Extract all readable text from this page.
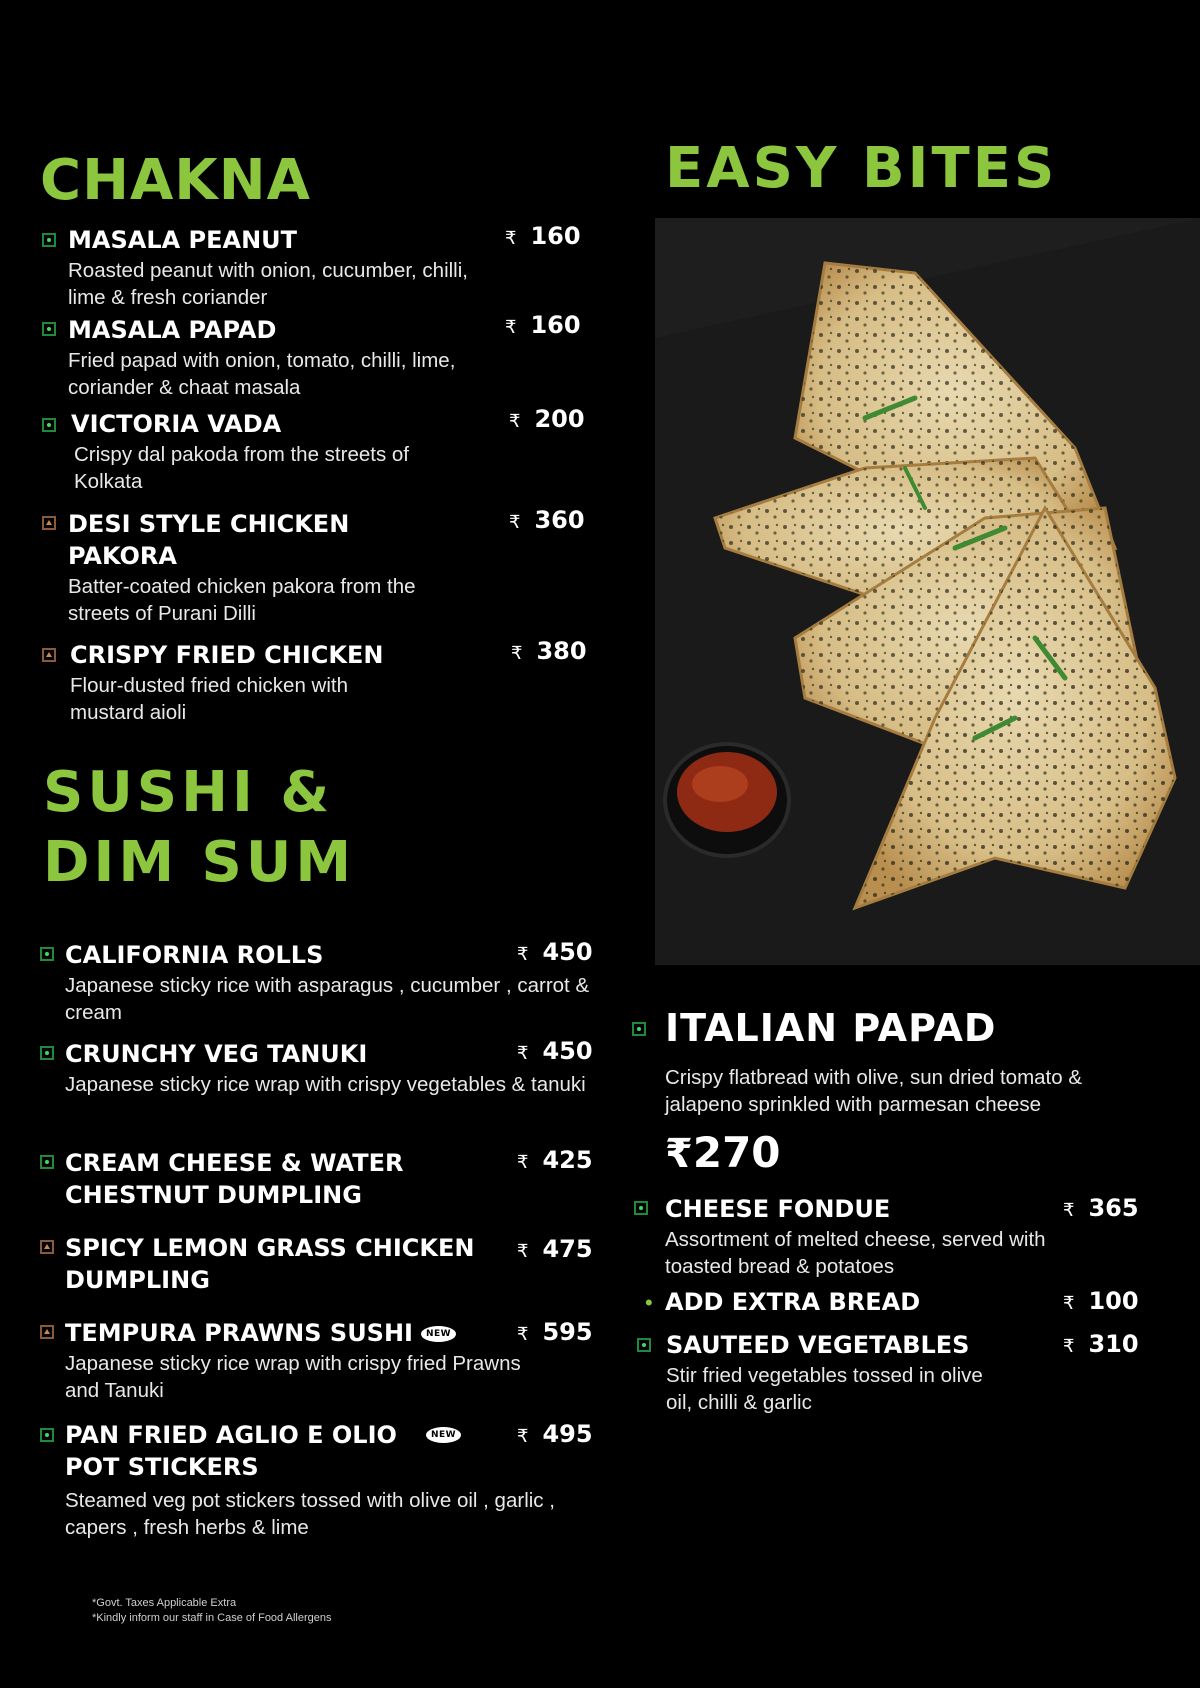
CHAKNA
MASALA PEANUT
Roasted peanut with onion, cucumber, chilli, lime & fresh coriander
₹ 160
MASALA PAPAD
Fried papad with onion, tomato, chilli, lime, coriander & chaat masala
₹ 160
VICTORIA VADA
Crispy dal pakoda from the streets of Kolkata
₹ 200
DESI STYLE CHICKEN PAKORA
Batter-coated chicken pakora from the streets of Purani Dilli
₹ 360
CRISPY FRIED CHICKEN
Flour-dusted fried chicken with mustard aioli
₹ 380
SUSHI &
DIM SUM
CALIFORNIA ROLLS
Japanese sticky rice with asparagus , cucumber , carrot & cream
₹ 450
CRUNCHY VEG TANUKI
Japanese sticky rice wrap with crispy vegetables & tanuki
₹ 450
CREAM CHEESE & WATER CHESTNUT DUMPLING
₹ 425
SPICY LEMON GRASS CHICKEN DUMPLING
₹ 475
TEMPURA PRAWNS SUSHI NEW
Japanese sticky rice wrap with crispy fried Prawns and Tanuki
₹ 595
PAN FRIED AGLIO E OLIO POT STICKERS
NEW
Steamed veg pot stickers tossed with olive oil , garlic , capers , fresh herbs & lime
₹ 495
EASY BITES
ITALIAN PAPAD
Crispy flatbread with olive, sun dried tomato & jalapeno sprinkled with parmesan cheese
₹270
CHEESE FONDUE
Assortment of melted cheese, served with toasted bread & potatoes
₹ 365
• ADD EXTRA BREAD	₹ 100
SAUTEED VEGETABLES
Stir fried vegetables tossed in olive oil, chilli & garlic
₹ 310
*Govt. Taxes Applicable Extra
*Kindly inform our staff in Case of Food Allergens
